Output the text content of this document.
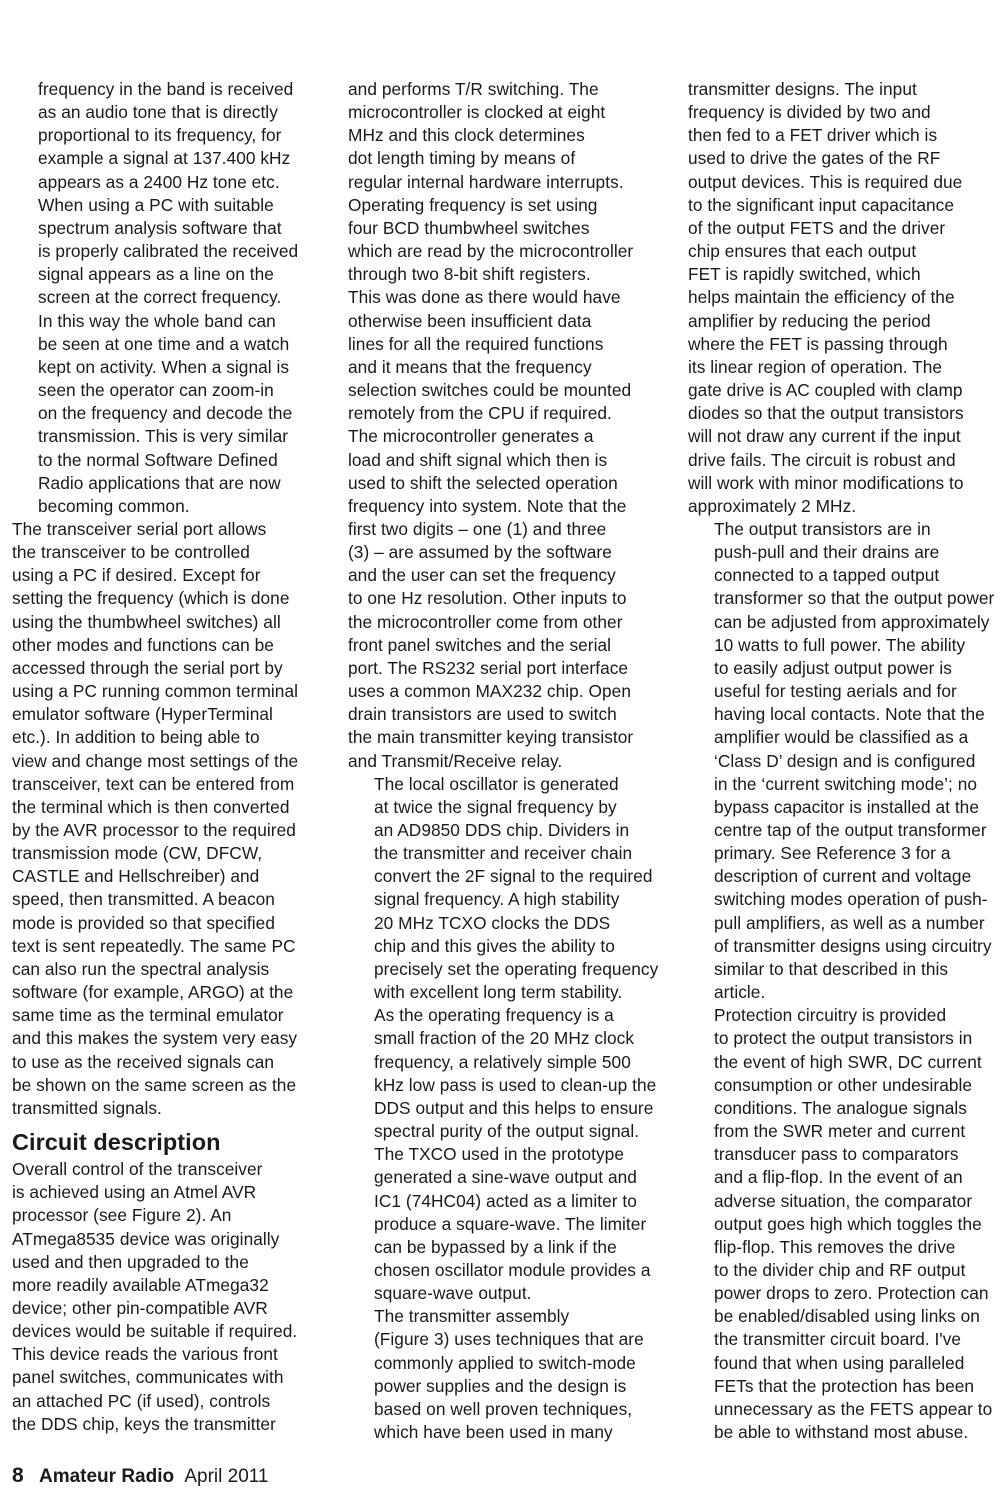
frequency in the band is received
as an audio tone that is directly
proportional to its frequency, for
example a signal at 137.400 kHz
appears as a 2400 Hz tone etc.
When using a PC with suitable
spectrum analysis software that
is properly calibrated the received
signal appears as a line on the
screen at the correct frequency.
In this way the whole band can
be seen at one time and a watch
kept on activity. When a signal is
seen the operator can zoom-in
on the frequency and decode the
transmission. This is very similar
to the normal Software Defined
Radio applications that are now
becoming common.

The transceiver serial port allows
the transceiver to be controlled
using a PC if desired. Except for
setting the frequency (which is done
using the thumbwheel switches) all
other modes and functions can be
accessed through the serial port by
using a PC running common terminal
emulator software (HyperTerminal
etc.). In addition to being able to
view and change most settings of the
transceiver, text can be entered from
the terminal which is then converted
by the AVR processor to the required
transmission mode (CW, DFCW,
CASTLE and Hellschreiber) and
speed, then transmitted. A beacon
mode is provided so that specified
text is sent repeatedly. The same PC
can also run the spectral analysis
software (for example, ARGO) at the
same time as the terminal emulator
and this makes the system very easy
to use as the received signals can
be shown on the same screen as the
transmitted signals.

Circuit description

Overall control of the transceiver
is achieved using an Atmel AVR
processor (see Figure 2). An
ATmega8535 device was originally
used and then upgraded to the
more readily available ATmega32
device; other pin-compatible AVR
devices would be suitable if required.
This device reads the various front
panel switches, communicates with
an attached PC (if used), controls
the DDS chip, keys the transmitter

and performs T/R switching. The
microcontroller is clocked at eight
MHz and this clock determines
dot length timing by means of
regular internal hardware interrupts.
Operating frequency is set using
four BCD thumbwheel switches
which are read by the microcontroller
through two 8-bit shift registers.
This was done as there would have
otherwise been insufficient data
lines for all the required functions
and it means that the frequency
selection switches could be mounted
remotely from the CPU if required.
The microcontroller generates a
load and shift signal which then is
used to shift the selected operation
frequency into system. Note that the
first two digits – one (1) and three
(3) – are assumed by the software
and the user can set the frequency
to one Hz resolution. Other inputs to
the microcontroller come from other
front panel switches and the serial
port. The RS232 serial port interface
uses a common MAX232 chip. Open
drain transistors are used to switch
the main transmitter keying transistor
and Transmit/Receive relay.

The local oscillator is generated
at twice the signal frequency by
an AD9850 DDS chip. Dividers in
the transmitter and receiver chain
convert the 2F signal to the required
signal frequency. A high stability
20 MHz TCXO clocks the DDS
chip and this gives the ability to
precisely set the operating frequency
with excellent long term stability.
As the operating frequency is a
small fraction of the 20 MHz clock
frequency, a relatively simple 500
kHz low pass is used to clean-up the
DDS output and this helps to ensure
spectral purity of the output signal.
The TXCO used in the prototype
generated a sine-wave output and
IC1 (74HC04) acted as a limiter to
produce a square-wave. The limiter
can be bypassed by a link if the
chosen oscillator module provides a
square-wave output.

The transmitter assembly
(Figure 3) uses techniques that are
commonly applied to switch-mode
power supplies and the design is
based on well proven techniques,
which have been used in many

transmitter designs. The input
frequency is divided by two and
then fed to a FET driver which is
used to drive the gates of the RF
output devices. This is required due
to the significant input capacitance
of the output FETS and the driver
chip ensures that each output
FET is rapidly switched, which
helps maintain the efficiency of the
amplifier by reducing the period
where the FET is passing through
its linear region of operation. The
gate drive is AC coupled with clamp
diodes so that the output transistors
will not draw any current if the input
drive fails. The circuit is robust and
will work with minor modifications to
approximately 2 MHz.

The output transistors are in
push-pull and their drains are
connected to a tapped output
transformer so that the output power
can be adjusted from approximately
10 watts to full power. The ability
to easily adjust output power is
useful for testing aerials and for
having local contacts. Note that the
amplifier would be classified as a
‘Class D’ design and is configured
in the ‘current switching mode’; no
bypass capacitor is installed at the
centre tap of the output transformer
primary. See Reference 3 for a
description of current and voltage
switching modes operation of push-
pull amplifiers, as well as a number
of transmitter designs using circuitry
similar to that described in this
article.

Protection circuitry is provided
to protect the output transistors in
the event of high SWR, DC current
consumption or other undesirable
conditions. The analogue signals
from the SWR meter and current
transducer pass to comparators
and a flip-flop. In the event of an
adverse situation, the comparator
output goes high which toggles the
flip-flop. This removes the drive
to the divider chip and RF output
power drops to zero. Protection can
be enabled/disabled using links on
the transmitter circuit board. I've
found that when using paralleled
FETs that the protection has been
unnecessary as the FETS appear to
be able to withstand most abuse.

8 Amateur Radio April 2011
